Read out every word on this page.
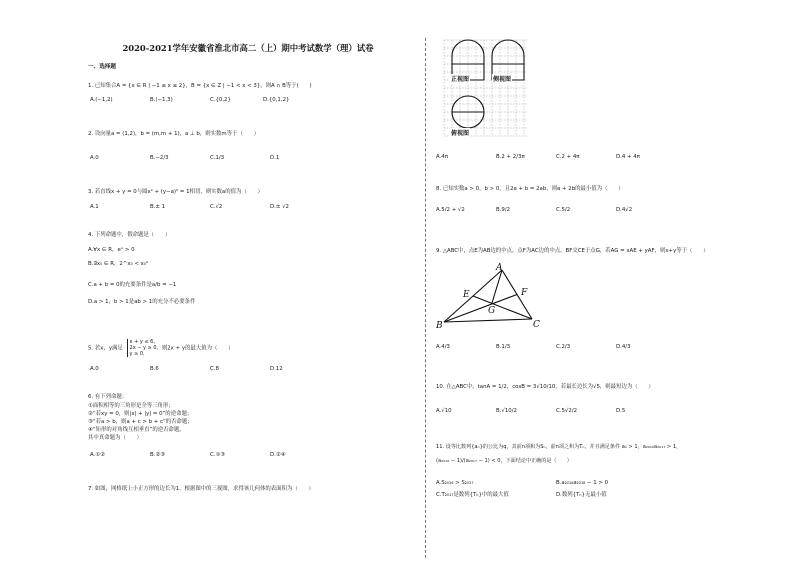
2020-2021学年安徽省淮北市高二（上）期中考试数学（理）试卷
一、选择题
1. 已知集合A = {x ∈ R | −1 ≤ x ≤ 2}，B = {x ∈ Z | −1 < x < 3}，则A ∩ B等于(　　)
A.(−1,2)	B.(−1,3)	C.{0,2}	D.{0,1,2}
2. 设向量a = (1,2)，b = (m,m + 1)，a ⊥ b，则实数m等于（　　）
A.0	B.−2/3	C.1/3	D.1
3. 若直线x + y = 0与圆x² + (y−a)² = 1相切，则实数a的值为（　　）
A.1	B.± 1	C.√2	D.± √2
4. 下列命题中，假命题是（　　）
A.∀x ∈ R，eˣ > 0
B.∃x₀ ∈ R，2^x₀ < x₀²
C.a + b = 0的充要条件是a/b = −1
D.a > 1，b > 1是ab > 1的充分不必要条件
5. 若x，y满足
x + y ≤ 6,
2x − y ≥ 0,
y ≥ 0,
则2x + y的最大值为（　　）
A.0	B.6	C.8	D.12
6. 有下列命题：
①面积相等的三角形是全等三角形；
②“若xy = 0，则|x| + |y| = 0”的逆命题；
③“若a > b，则a + c > b + c”的否命题；
④“矩形的对角线互相垂直”的逆否命题，
其中真命题为（　　）
A.①②	B.②③	C.①③	D.②④
7. 如图，网格纸上小正方形的边长为1，根据图中的三视图，求得该几何体的表面积为（　　）
正视图	侧视图
俯视图
A.4π	B.2 + 2/3π	C.2 + 4π	D.4 + 4π
8. 已知实数a > 0，b > 0，且2a + b = 2ab，则a + 2b的最小值为（　　）
A.5/2 + √2	B.9/2	C.5/2	D.4√2
9. △ABC中，点E为AB边的中点，点F为AC边的中点，BF交CE于点G，若AG = xAE + yAF，则x+y等于（　　）
A
E	F
G
B	C
A.4/3	B.1/3	C.2/3	D.4/3
10. 在△ABC中，tanA = 1/2，cosB = 3√10/10，若最长边长为√5，则最短边为（　　）
A.√10	B.√10/2	C.5√2/2	D.5
11. 设等比数列{aₙ}的公比为q，其前n项和为Sₙ，前n项之积为Tₙ，并且满足条件 a₁ > 1，a₂₀₁₆a₂₀₁₇ > 1，
(a₂₀₁₆ − 1)/(a₂₀₁₇ − 1) < 0，下面结论中正确的是（　　）
A.S₂₀₁₆ > S₂₀₁₇	B.a₂₀₁₆a₂₀₁₈ − 1 > 0
C.T₂₀₁₇是数列{Tₙ}中的最大值	D.数列{Tₙ}无最小值
